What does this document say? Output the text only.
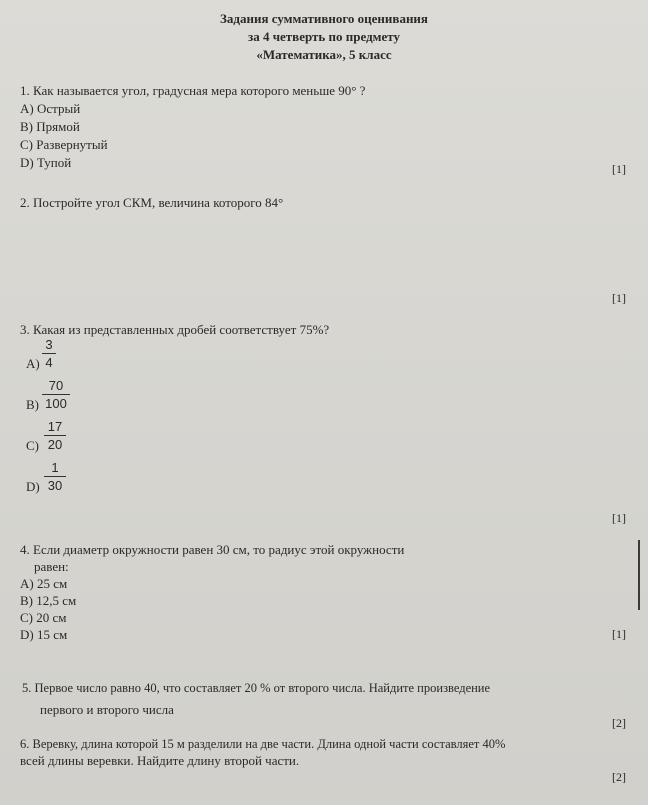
Задания суммативного оценивания
за 4 четверть по предмету
«Математика», 5 класс
1. Как называется угол, градусная мера которого меньше 90° ?
A) Острый
B) Прямой
C) Развернутый
D) Тупой	[1]
2. Постройте угол СКМ, величина которого 84°
[1]
3. Какая из представленных дробей соответствует 75%?
A)
3
4
B)
70
100
C)
17
20
D)
1
30
[1]
4. Если диаметр окружности равен 30 см, то радиус этой окружности
равен:
A) 25 см
B) 12,5 см
C) 20 см
D) 15 см	[1]
5. Первое число равно 40, что составляет 20 % от второго числа. Найдите произведение
первого и второго числа
[2]
6. Веревку, длина которой 15 м разделили на две части. Длина одной части составляет 40%
всей длины веревки. Найдите длину второй части.
[2]
